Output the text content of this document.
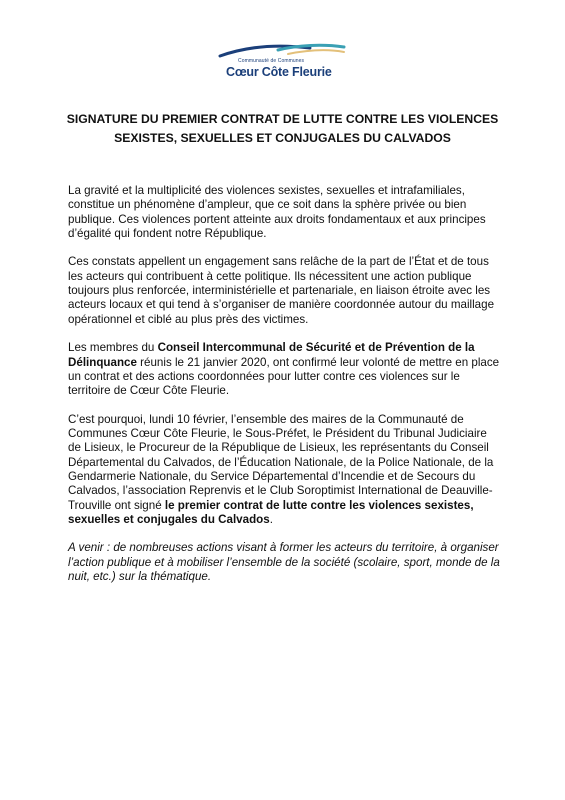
Communauté de Communes
Cœur Côte Fleurie
SIGNATURE DU PREMIER CONTRAT DE LUTTE CONTRE LES VIOLENCES
SEXISTES, SEXUELLES ET CONJUGALES DU CALVADOS

La gravité et la multiplicité des violences sexistes, sexuelles et intrafamiliales, constitue un phénomène d’ampleur, que ce soit dans la sphère privée ou bien publique. Ces violences portent atteinte aux droits fondamentaux et aux principes d’égalité qui fondent notre République.

Ces constats appellent un engagement sans relâche de la part de l’État et de tous les acteurs qui contribuent à cette politique. Ils nécessitent une action publique toujours plus renforcée, interministérielle et partenariale, en liaison étroite avec les acteurs locaux et qui tend à s’organiser de manière coordonnée autour du maillage opérationnel et ciblé au plus près des victimes.

Les membres du Conseil Intercommunal de Sécurité et de Prévention de la Délinquance réunis le 21 janvier 2020, ont confirmé leur volonté de mettre en place un contrat et des actions coordonnées pour lutter contre ces violences sur le territoire de Cœur Côte Fleurie.

C’est pourquoi, lundi 10 février, l’ensemble des maires de la Communauté de Communes Cœur Côte Fleurie, le Sous-Préfet, le Président du Tribunal Judiciaire de Lisieux, le Procureur de la République de Lisieux, les représentants du Conseil Départemental du Calvados, de l’Éducation Nationale, de la Police Nationale, de la Gendarmerie Nationale, du Service Départemental d’Incendie et de Secours du Calvados, l’association Reprenvis et le Club Soroptimist International de Deauville-Trouville ont signé le premier contrat de lutte contre les violences sexistes, sexuelles et conjugales du Calvados.

A venir : de nombreuses actions visant à former les acteurs du territoire, à organiser l’action publique et à mobiliser l’ensemble de la société (scolaire, sport, monde de la nuit, etc.) sur la thématique.
